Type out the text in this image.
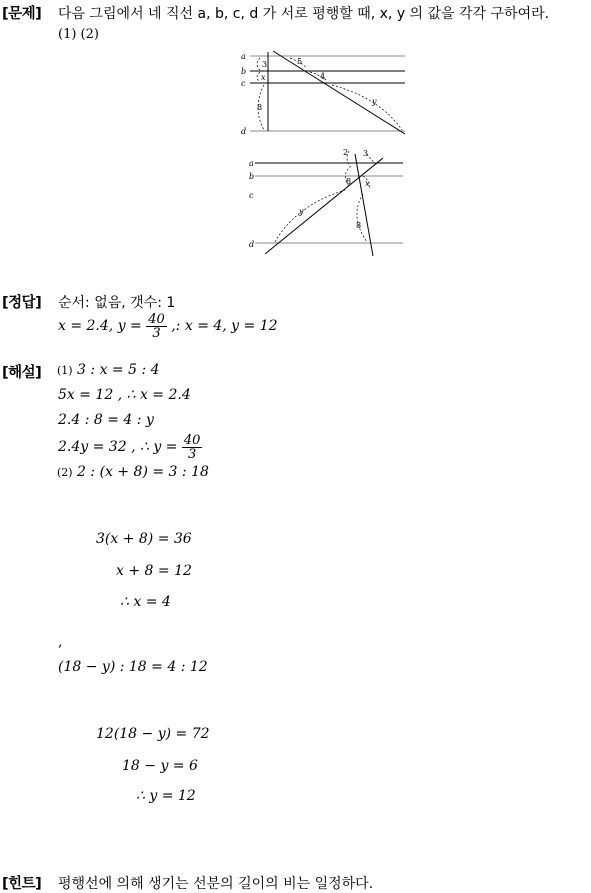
[문제] 다음 그림에서 네 직선 a, b, c, d 가 서로 평행할 때, x, y 의 값을 각각 구하여라.
(1) (2)
a
b
c
d
3
x
8
5
4
y
a
b
c
d
2 3
8 x
y
8
[정답] 순서: 없음, 갯수: 1
x = 2.4, $y = \frac{40}{3}$ ,: x = 4, y = 12
[해설] (1) 3 : x = 5 : 4
5x = 12 , ∴ x = 2.4
2.4 : 8 = 4 : y
2.4y = 32 , ∴ $y = \frac{40}{3}$
(2) 2 : (x + 8) = 3 : 18
3(x + 8) = 36
x + 8 = 12
∴ x = 4
,
(18 − y) : 18 = 4 : 12
12(18 − y) = 72
18 − y = 6
∴ y = 12
[힌트] 평행선에 의해 생기는 선분의 길이의 비는 일정하다.
